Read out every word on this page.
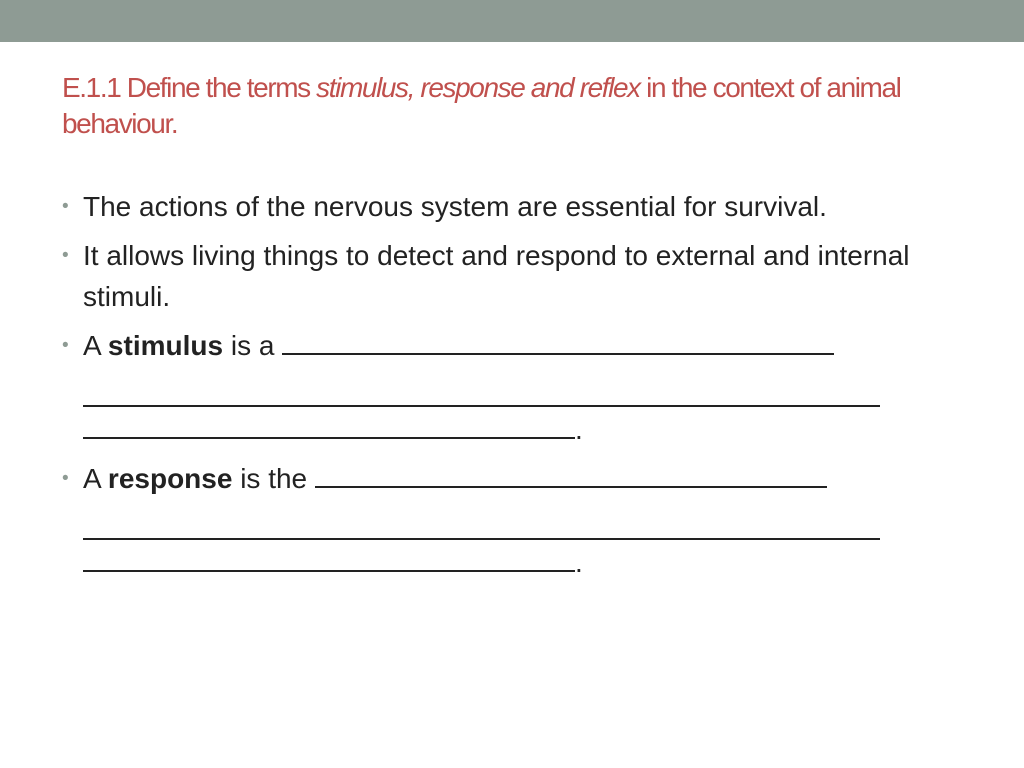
E.1.1 Define the terms stimulus, response and reflex in the context of animal behaviour.
• The actions of the nervous system are essential for survival.
• It allows living things to detect and respond to external and internal stimuli.
• A stimulus is a
.
• A response is the
.
